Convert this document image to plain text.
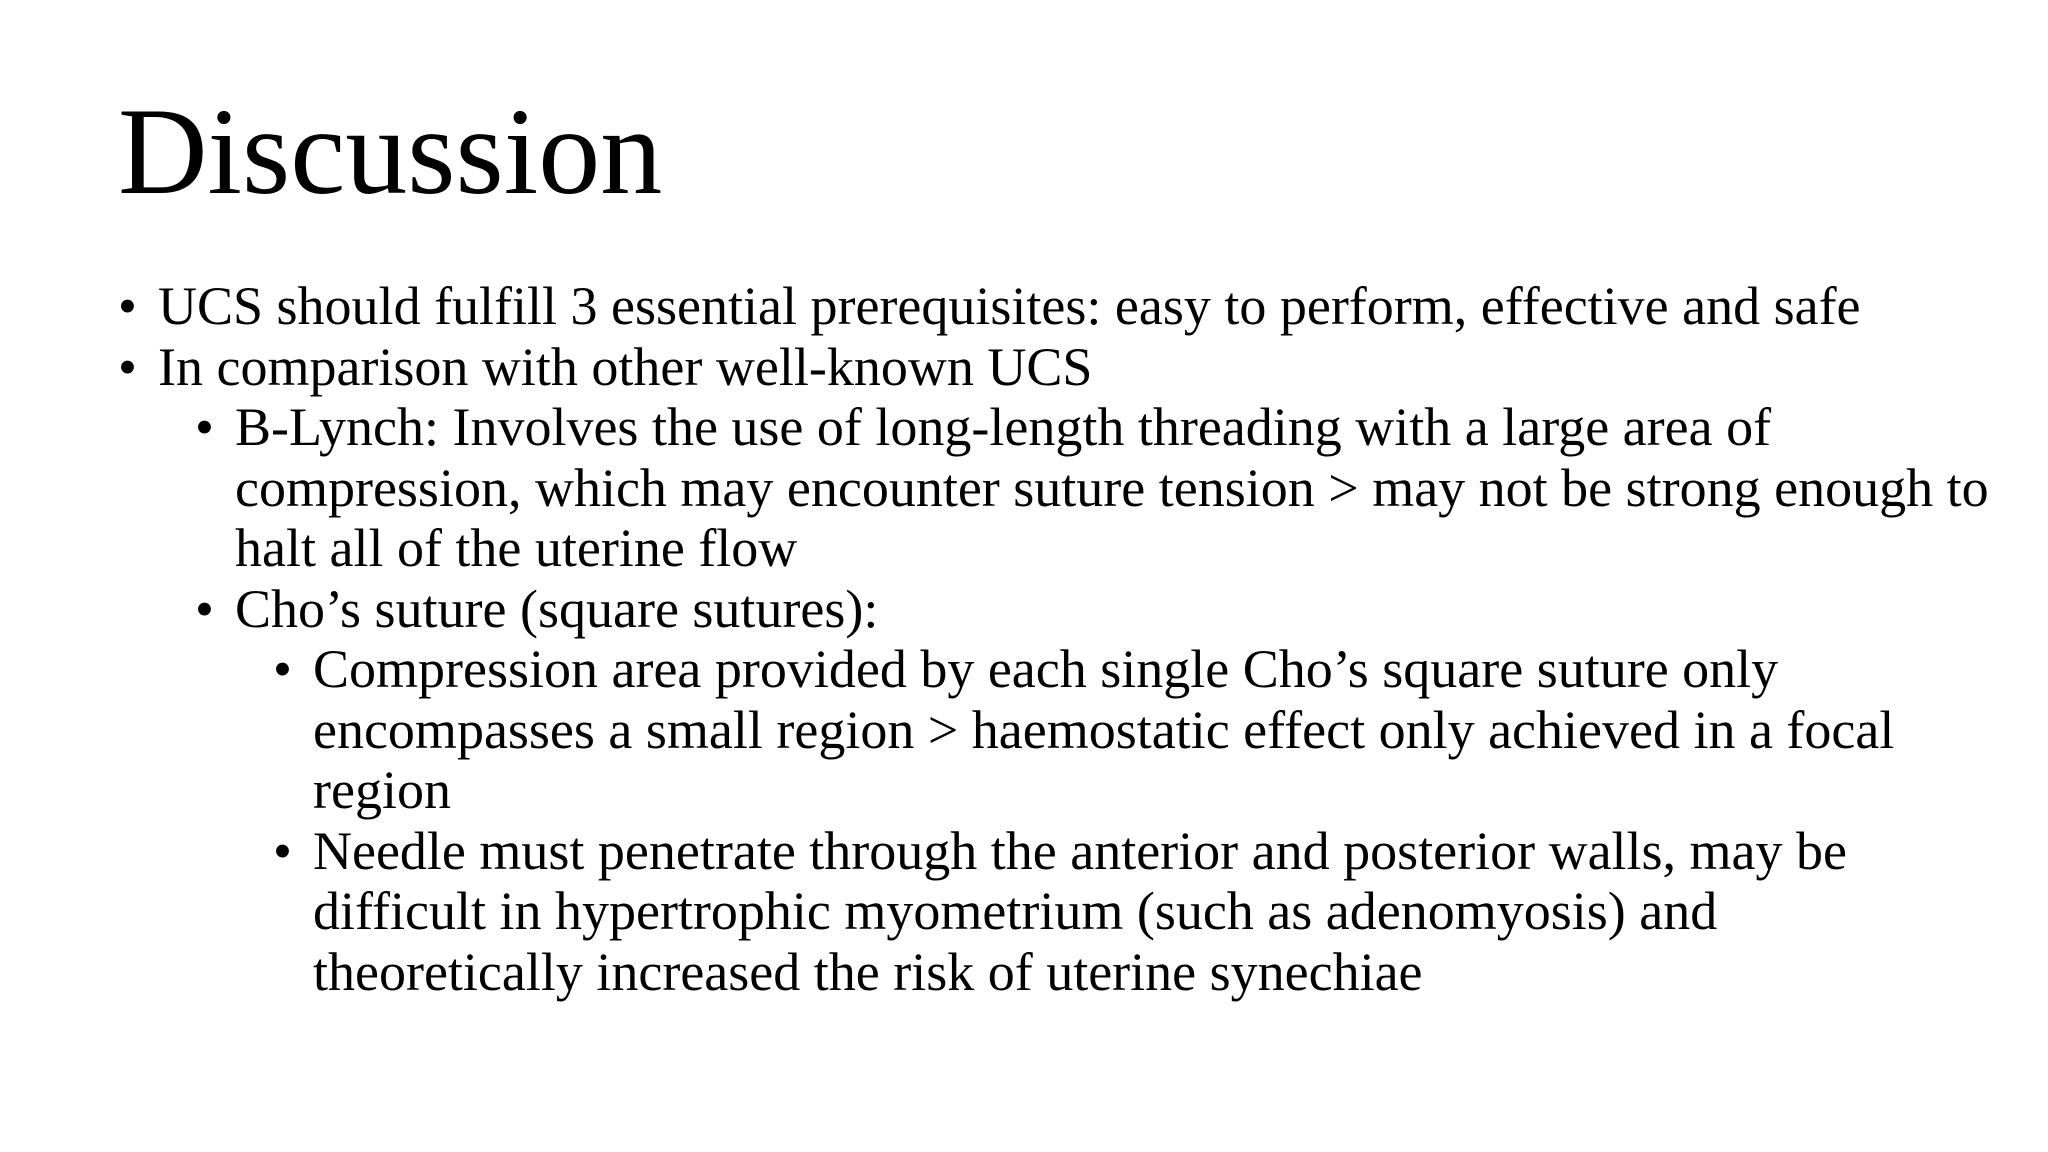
Discussion
• UCS should fulfill 3 essential prerequisites: easy to perform, effective and safe
• In comparison with other well-known UCS
• B-Lynch: Involves the use of long-length threading with a large area of compression, which may encounter suture tension > may not be strong enough to halt all of the uterine flow
• Cho’s suture (square sutures):
• Compression area provided by each single Cho’s square suture only encompasses a small region > haemostatic effect only achieved in a focal region
• Needle must penetrate through the anterior and posterior walls, may be difficult in hypertrophic myometrium (such as adenomyosis) and theoretically increased the risk of uterine synechiae
